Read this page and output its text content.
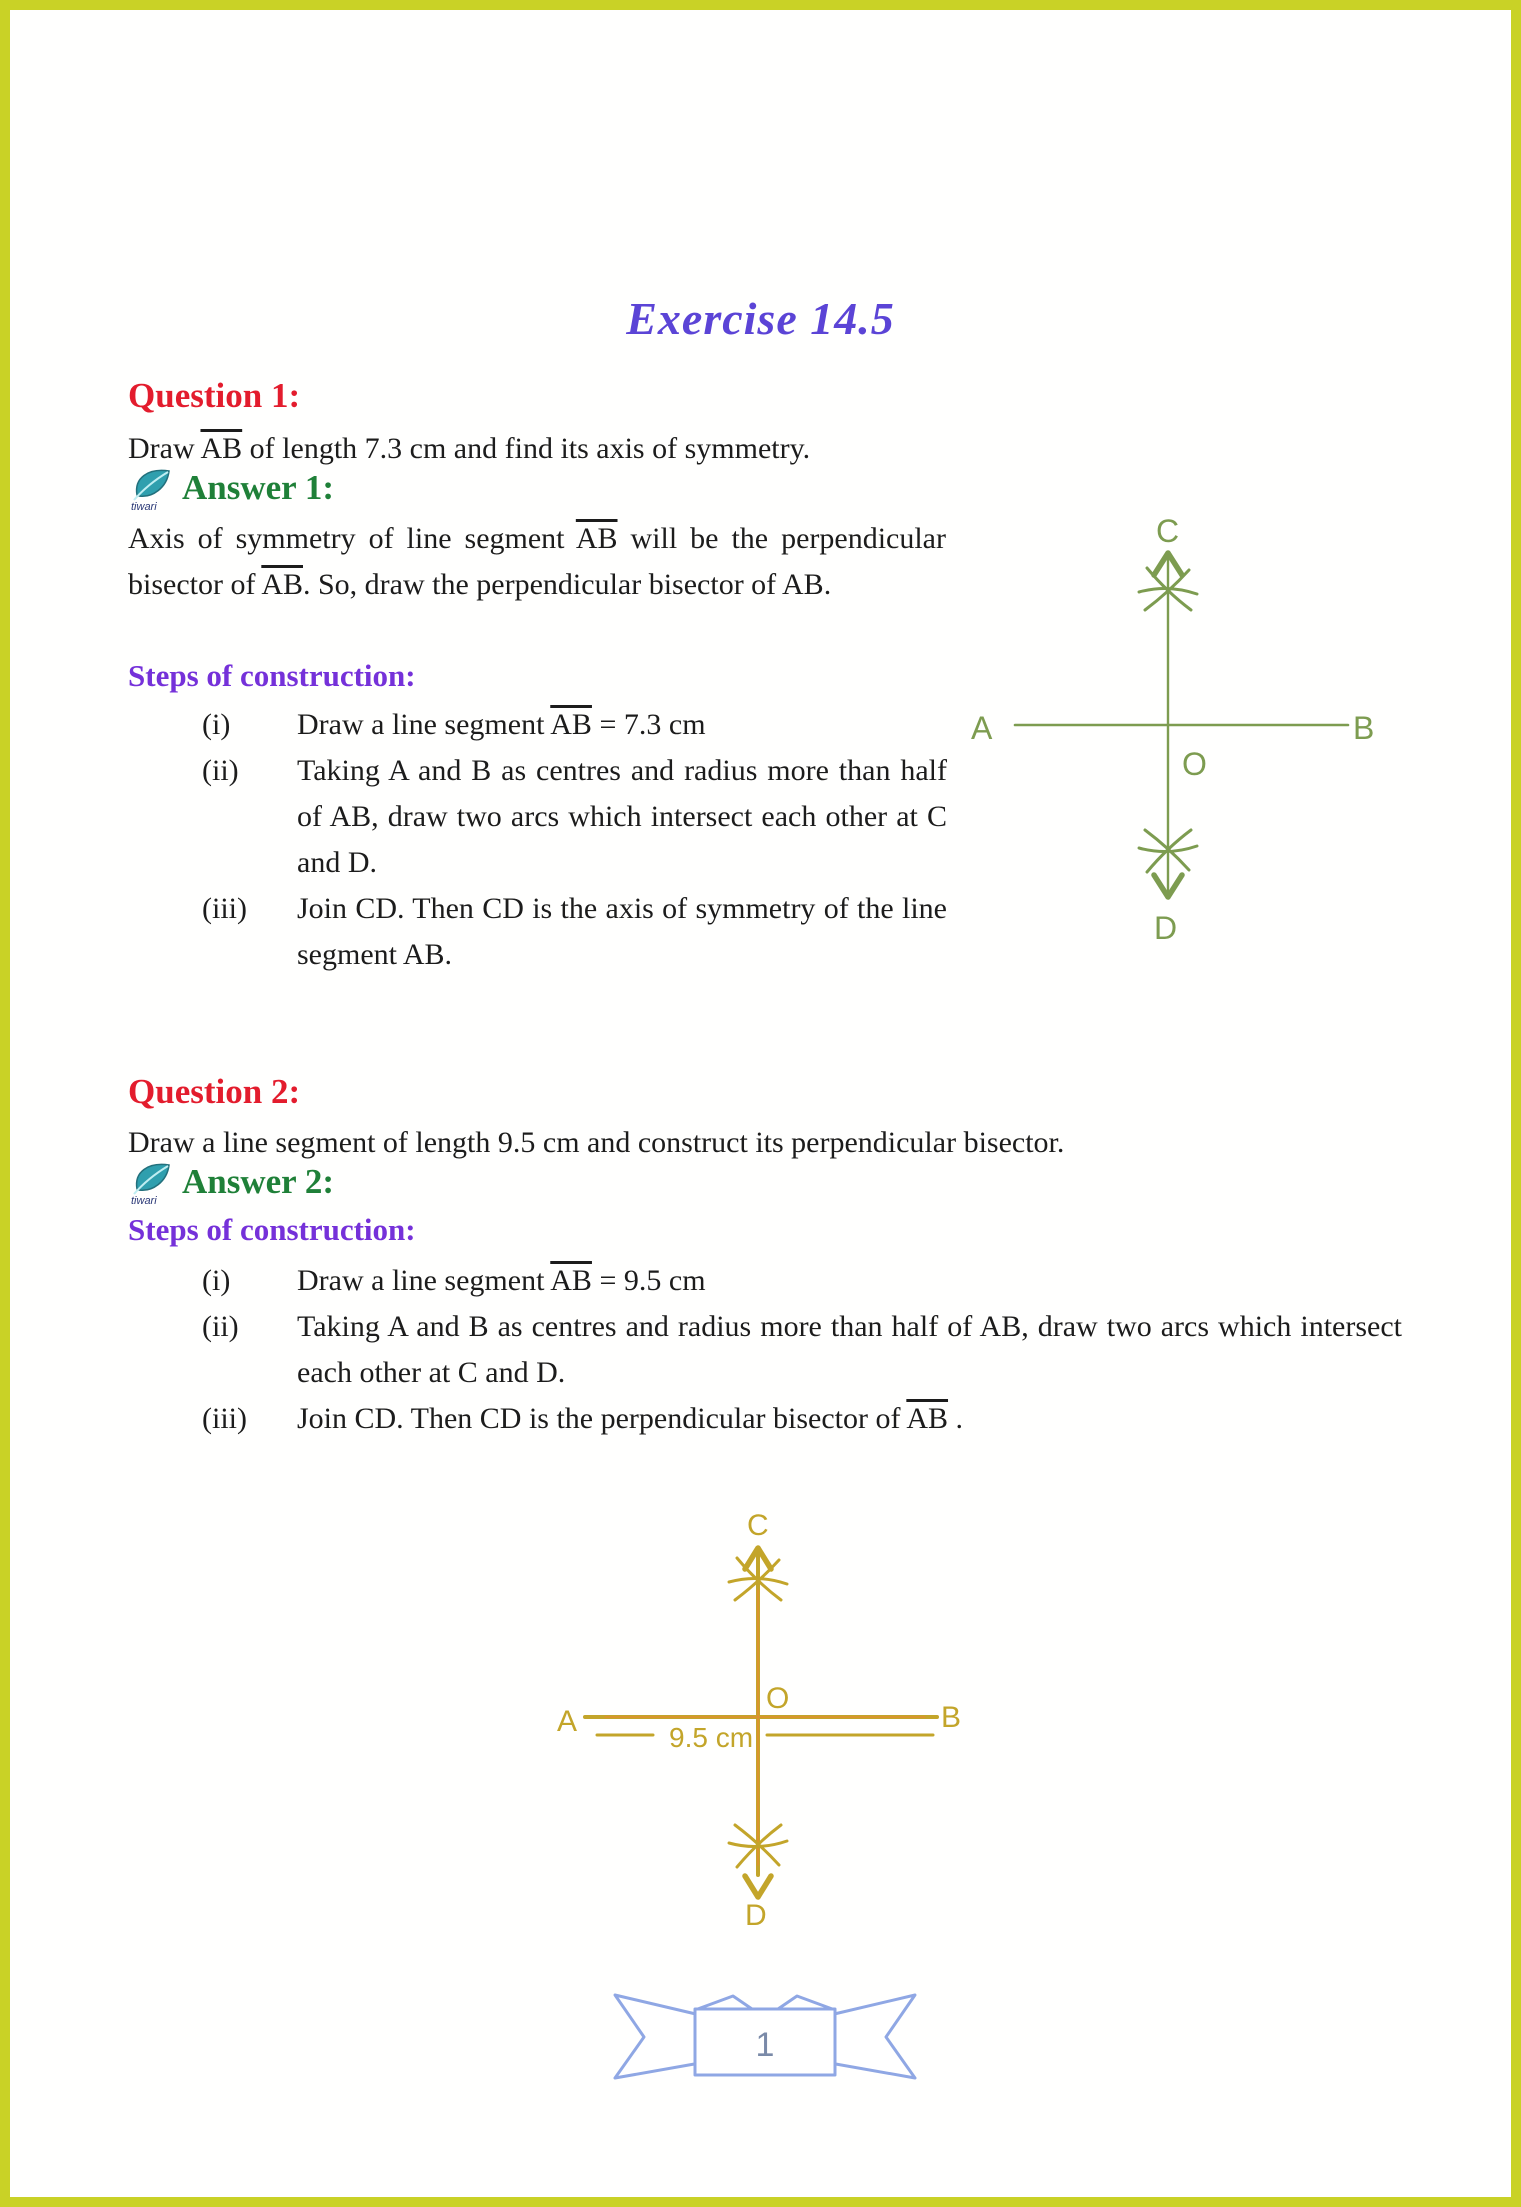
Exercise 14.5
Question 1:
Draw $\overline{AB}$ of length 7.3 cm and find its axis of symmetry.
tiwari Answer 1:
Axis of symmetry of line segment $\overline{AB}$ will be the perpendicular bisector of $\overline{AB}$. So, draw the perpendicular bisector of AB.
Steps of construction:
(i)	Draw a line segment $\overline{AB} = 7.3$ cm
(ii)	Taking A and B as centres and radius more than half of AB, draw two arcs which intersect each other at C and D.
(iii)	Join CD. Then CD is the axis of symmetry of the line segment AB.
C
A	B
O
D
Question 2:
Draw a line segment of length 9.5 cm and construct its perpendicular bisector.
tiwari Answer 2:
Steps of construction:
(i)	Draw a line segment $\overline{AB} = 9.5$ cm
(ii)	Taking A and B as centres and radius more than half of AB, draw two arcs which intersect each other at C and D.
(iii)	Join CD. Then CD is the perpendicular bisector of $\overline{AB}$ .
C
A	B
O
D
9.5 cm
1
